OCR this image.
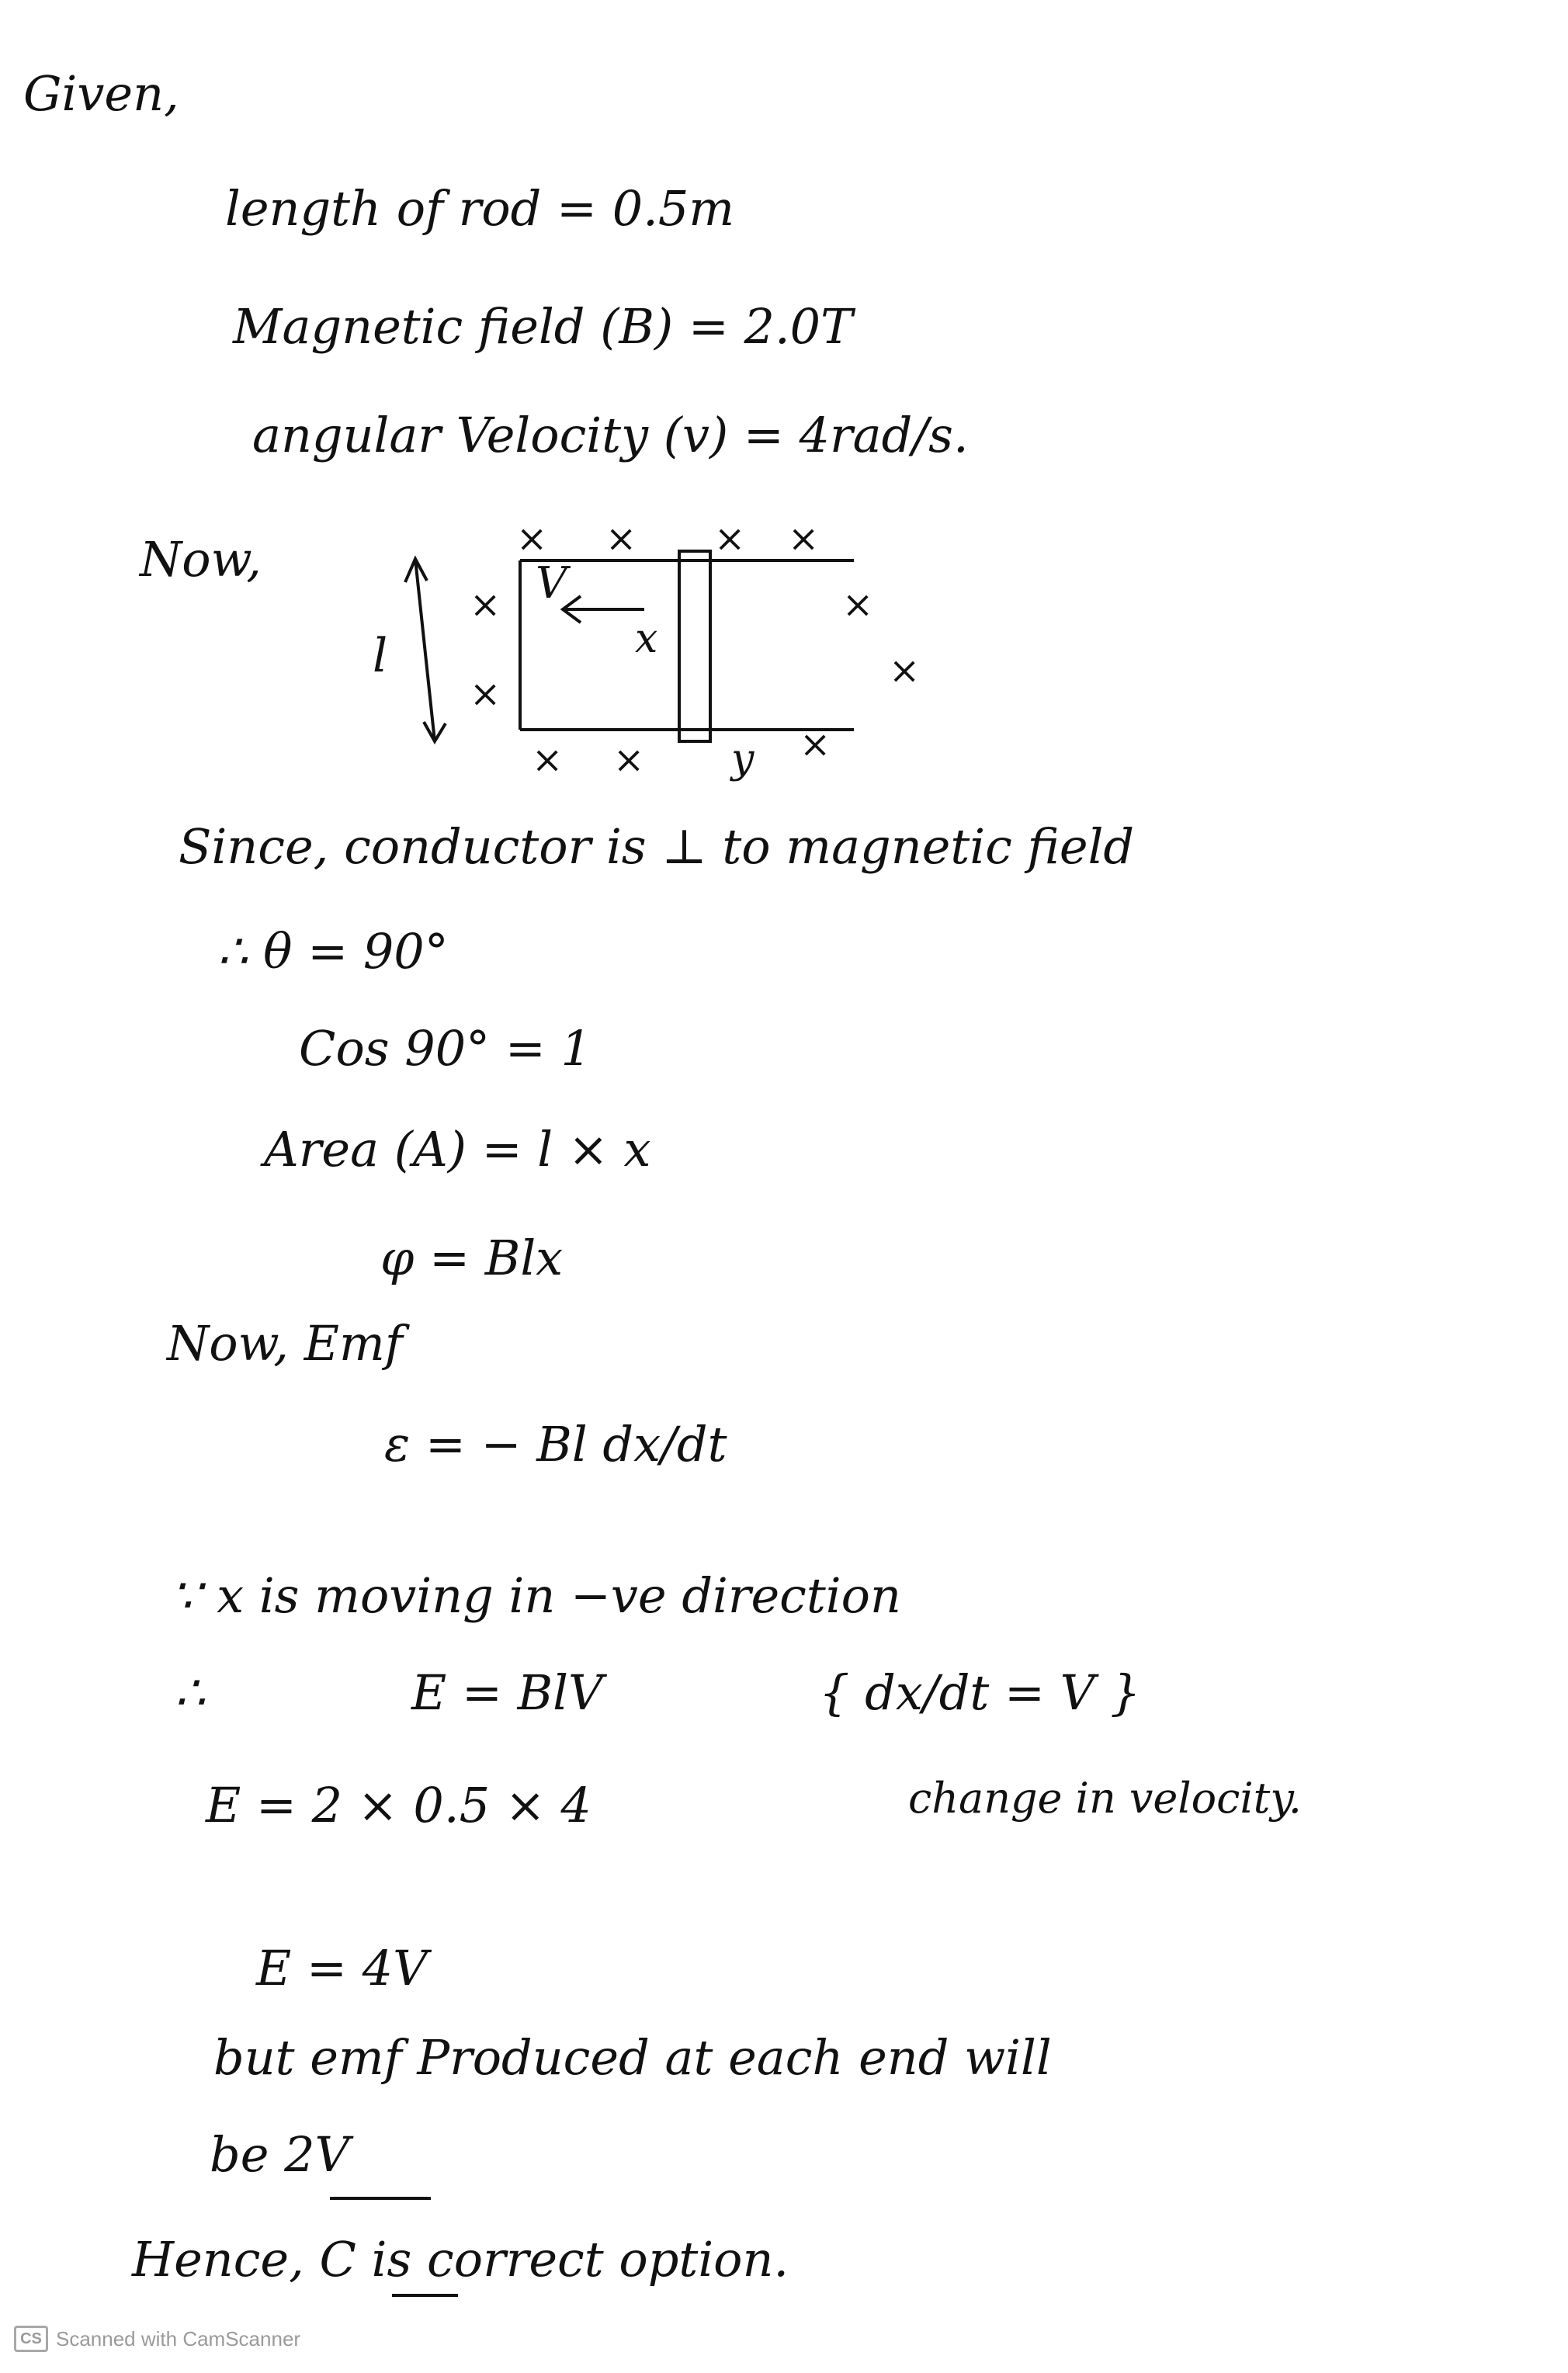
Given,
length of rod = 0.5m
Magnetic field (B) = 2.0T
angular Velocity (v) = 4rad/s.
Now,
l
V
x
y
× × × ×
×	×
×
×
× ×	×
Since, conductor is ⊥ to magnetic field
∴ θ = 90°
Cos 90° = 1
Area (A) = l × x
φ = Blx
Now, Emf
ε = − Bl dx/dt
∵ x is moving in −ve direction
∴	E = BlV	{ dx/dt = V }
change in velocity.
E = 2 × 0.5 × 4
E = 4V
but emf Produced at each end will
be 2V
Hence, C is correct option.
CS Scanned with CamScanner
